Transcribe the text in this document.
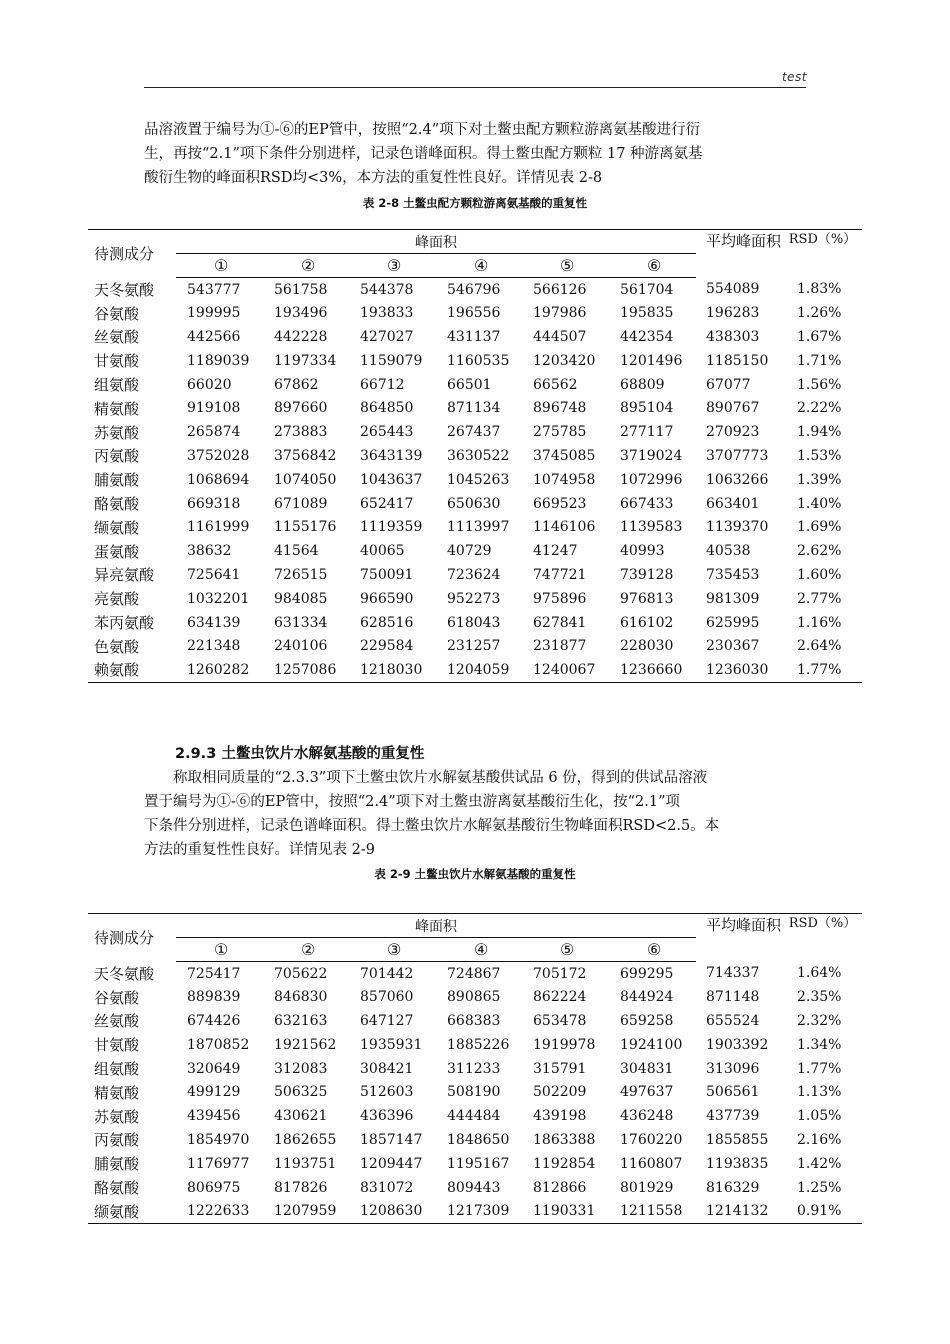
test
品溶液置于编号为①-⑥的EP管中，按照“2.4”项下对土鳖虫配方颗粒游离氨基酸进行衍
生，再按“2.1”项下条件分别进样，记录色谱峰面积。得土鳖虫配方颗粒 17 种游离氨基
酸衍生物的峰面积RSD均<3%，本方法的重复性性良好。详情见表 2-8
表 2-8 土鳖虫配方颗粒游离氨基酸的重复性
待测成分	峰面积						平均峰面积	RSD（%）
	①	②	③	④	⑤	⑥		
天冬氨酸	543777	561758	544378	546796	566126	561704	554089	1.83%
谷氨酸	199995	193496	193833	196556	197986	195835	196283	1.26%
丝氨酸	442566	442228	427027	431137	444507	442354	438303	1.67%
甘氨酸	1189039	1197334	1159079	1160535	1203420	1201496	1185150	1.71%
组氨酸	66020	67862	66712	66501	66562	68809	67077	1.56%
精氨酸	919108	897660	864850	871134	896748	895104	890767	2.22%
苏氨酸	265874	273883	265443	267437	275785	277117	270923	1.94%
丙氨酸	3752028	3756842	3643139	3630522	3745085	3719024	3707773	1.53%
脯氨酸	1068694	1074050	1043637	1045263	1074958	1072996	1063266	1.39%
酪氨酸	669318	671089	652417	650630	669523	667433	663401	1.40%
缬氨酸	1161999	1155176	1119359	1113997	1146106	1139583	1139370	1.69%
蛋氨酸	38632	41564	40065	40729	41247	40993	40538	2.62%
异亮氨酸	725641	726515	750091	723624	747721	739128	735453	1.60%
亮氨酸	1032201	984085	966590	952273	975896	976813	981309	2.77%
苯丙氨酸	634139	631334	628516	618043	627841	616102	625995	1.16%
色氨酸	221348	240106	229584	231257	231877	228030	230367	2.64%
赖氨酸	1260282	1257086	1218030	1204059	1240067	1236660	1236030	1.77%
2.9.3 土鳖虫饮片水解氨基酸的重复性
　　称取相同质量的“2.3.3”项下土鳖虫饮片水解氨基酸供试品 6 份，得到的供试品溶液
置于编号为①-⑥的EP管中，按照“2.4”项下对土鳖虫游离氨基酸衍生化，按“2.1”项
下条件分别进样，记录色谱峰面积。得土鳖虫饮片水解氨基酸衍生物峰面积RSD<2.5。本
方法的重复性性良好。详情见表 2-9
表 2-9 土鳖虫饮片水解氨基酸的重复性
待测成分	峰面积						平均峰面积	RSD（%）
	①	②	③	④	⑤	⑥		
天冬氨酸	725417	705622	701442	724867	705172	699295	714337	1.64%
谷氨酸	889839	846830	857060	890865	862224	844924	871148	2.35%
丝氨酸	674426	632163	647127	668383	653478	659258	655524	2.32%
甘氨酸	1870852	1921562	1935931	1885226	1919978	1924100	1903392	1.34%
组氨酸	320649	312083	308421	311233	315791	304831	313096	1.77%
精氨酸	499129	506325	512603	508190	502209	497637	506561	1.13%
苏氨酸	439456	430621	436396	444484	439198	436248	437739	1.05%
丙氨酸	1854970	1862655	1857147	1848650	1863388	1760220	1855855	2.16%
脯氨酸	1176977	1193751	1209447	1195167	1192854	1160807	1193835	1.42%
酪氨酸	806975	817826	831072	809443	812866	801929	816329	1.25%
缬氨酸	1222633	1207959	1208630	1217309	1190331	1211558	1214132	0.91%
